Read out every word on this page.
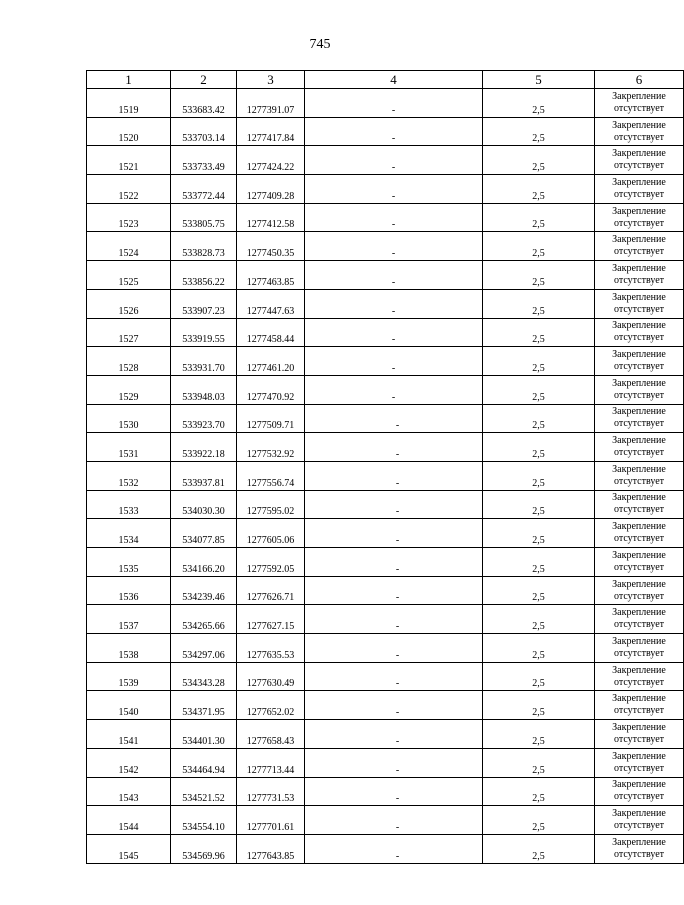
745
1	2	3	4	5	6
1519	533683.42	1277391.07	-	2,5	Закрепление
отсутствует

1520	533703.14	1277417.84	-	2,5	Закрепление
отсутствует

1521	533733.49	1277424.22	-	2,5	Закрепление
отсутствует

1522	533772.44	1277409.28	-	2,5	Закрепление
отсутствует

1523	533805.75	1277412.58	-	2,5	Закрепление
отсутствует

1524	533828.73	1277450.35	-	2,5	Закрепление
отсутствует

1525	533856.22	1277463.85	-	2,5	Закрепление
отсутствует

1526	533907.23	1277447.63	-	2,5	Закрепление
отсутствует

1527	533919.55	1277458.44	-	2,5	Закрепление
отсутствует

1528	533931.70	1277461.20	-	2,5	Закрепление
отсутствует

1529	533948.03	1277470.92	-	2,5	Закрепление
отсутствует

1530	533923.70	1277509.71	-	2,5	Закрепление
отсутствует

1531	533922.18	1277532.92	-	2,5	Закрепление
отсутствует

1532	533937.81	1277556.74	-	2,5	Закрепление
отсутствует

1533	534030.30	1277595.02	-	2,5	Закрепление
отсутствует

1534	534077.85	1277605.06	-	2,5	Закрепление
отсутствует

1535	534166.20	1277592.05	-	2,5	Закрепление
отсутствует

1536	534239.46	1277626.71	-	2,5	Закрепление
отсутствует

1537	534265.66	1277627.15	-	2,5	Закрепление
отсутствует

1538	534297.06	1277635.53	-	2,5	Закрепление
отсутствует

1539	534343.28	1277630.49	-	2,5	Закрепление
отсутствует

1540	534371.95	1277652.02	-	2,5	Закрепление
отсутствует

1541	534401.30	1277658.43	-	2,5	Закрепление
отсутствует

1542	534464.94	1277713.44	-	2,5	Закрепление
отсутствует

1543	534521.52	1277731.53	-	2,5	Закрепление
отсутствует

1544	534554.10	1277701.61	-	2,5	Закрепление
отсутствует

1545	534569.96	1277643.85	-	2,5	Закрепление
отсутствует
